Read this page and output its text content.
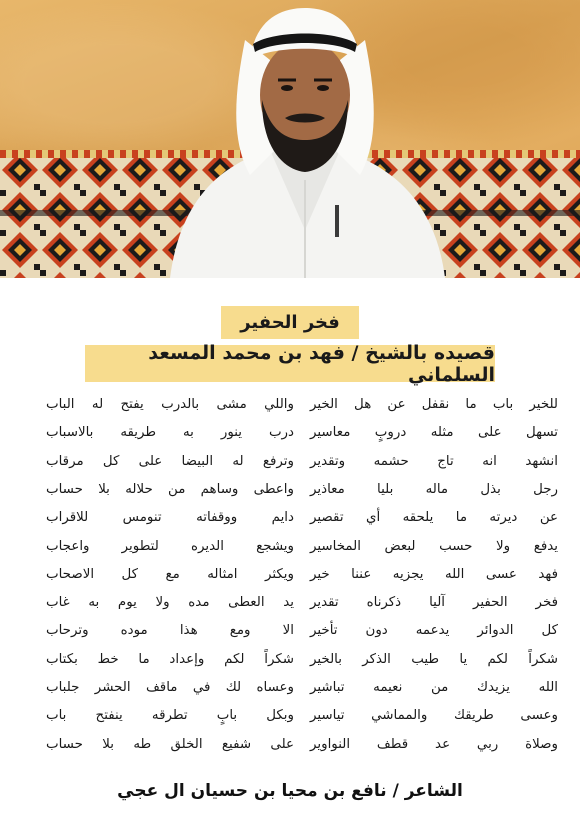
فخر الحفير
قصيده بالشيخ / فهد بن محمد المسعد السلماني
للخير باب ما نقفل عن هل الخير
واللي مشى بالدرب يفتح له الباب
تسهل على مثله دروبٍ معاسير
درب ينور به طريقه بالاسباب
انشهد انه تاج حشمه وتقدير
وترفع له البيضا على كل مرقاب
رجل بذل ماله بليا معاذير
واعطى وساهم من حلاله بلا حساب
عن ديرته ما يلحقه أي تقصير
دايم ووقفاته تنومس للاقراب
يدفع ولا حسب لبعض المخاسير
ويشجع الديره لتطوير واعجاب
فهد عسى الله يجزيه عننا خير
ويكثر امثاله مع كل الاصحاب
فخر الحفير آليا ذكرناه تقدير
يد العطى مده ولا يوم به غاب
كل الدوائر يدعمه دون تأخير
الا ومع هذا موده وترحاب
شكراً لكم يا طيب الذكر بالخير
شكراً لكم وإعداد ما خط بكتاب
الله يزيدك من نعيمه تباشير
وعساه لك في ماقف الحشر جلباب
وعسى طريقك والمماشي تياسير
وبكل بابٍ تطرقه ينفتح باب
وصلاة ربي عد قطف النواوير
على شفيع الخلق طه بلا حساب
الشاعر / نافع بن محيا بن حسيان ال عجي
